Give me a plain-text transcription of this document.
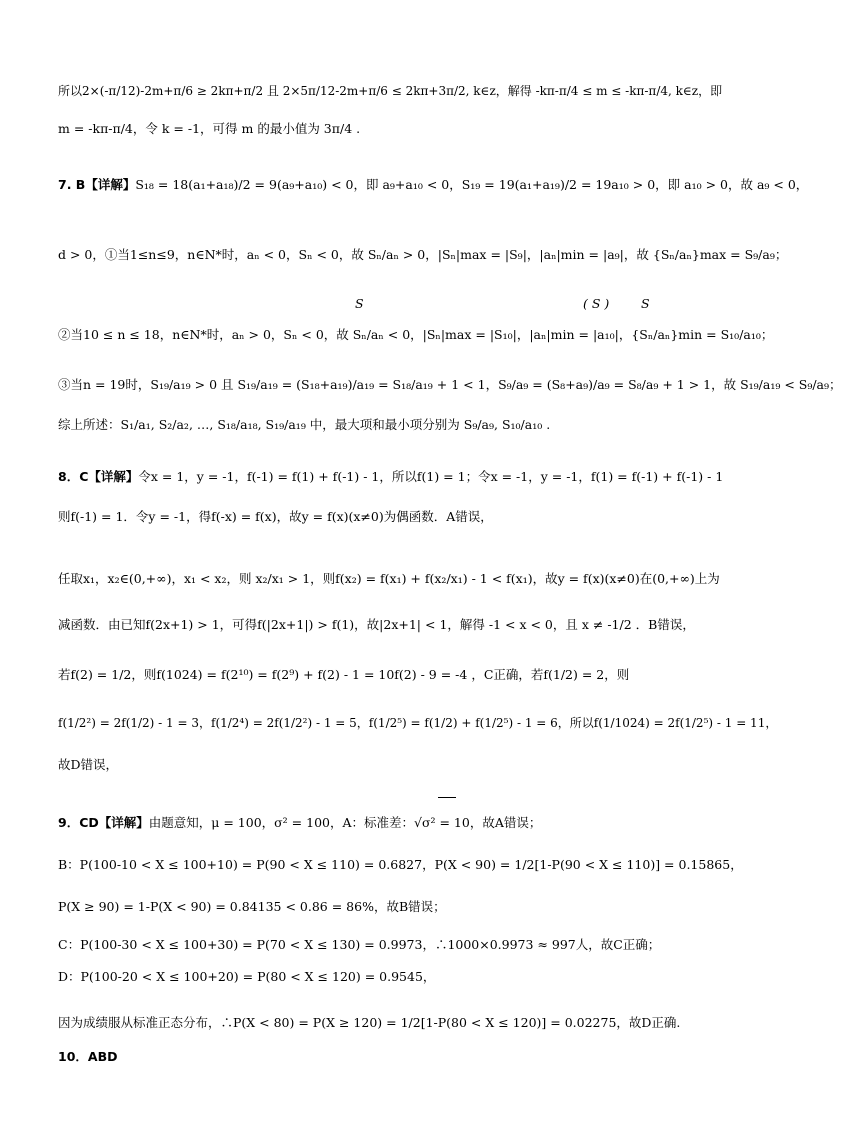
所以2×(-π/12)-2m+π/6 ≥ 2kπ+π/2 且 2×5π/12-2m+π/6 ≤ 2kπ+3π/2, k∈z，解得 -kπ-π/4 ≤ m ≤ -kπ-π/4, k∈z，即
m = -kπ-π/4，令 k = -1，可得 m 的最小值为 3π/4 .
7. B【详解】S₁₈ = 18(a₁+a₁₈)/2 = 9(a₉+a₁₀) < 0，即 a₉+a₁₀ < 0，S₁₉ = 19(a₁+a₁₉)/2 = 19a₁₀ > 0，即 a₁₀ > 0，故 a₉ < 0，
d > 0，①当1≤n≤9，n∈N*时，aₙ < 0，Sₙ < 0，故 Sₙ/aₙ > 0，|Sₙ|max = |S₉|，|aₙ|min = |a₉|，故 {Sₙ/aₙ}max = S₉/a₉；
S	( S )	S
②当10 ≤ n ≤ 18，n∈N*时，aₙ > 0，Sₙ < 0，故 Sₙ/aₙ < 0，|Sₙ|max = |S₁₀|，|aₙ|min = |a₁₀|，{Sₙ/aₙ}min = S₁₀/a₁₀；
③当n = 19时，S₁₉/a₁₉ > 0 且 S₁₉/a₁₉ = (S₁₈+a₁₉)/a₁₉ = S₁₈/a₁₉ + 1 < 1，S₉/a₉ = (S₈+a₉)/a₉ = S₈/a₉ + 1 > 1，故 S₁₉/a₁₉ < S₉/a₉；
综上所述：S₁/a₁, S₂/a₂, …, S₁₈/a₁₈, S₁₉/a₁₉ 中，最大项和最小项分别为 S₉/a₉, S₁₀/a₁₀ .
8．C【详解】令x = 1，y = -1，f(-1) = f(1) + f(-1) - 1，所以f(1) = 1；令x = -1，y = -1，f(1) = f(-1) + f(-1) - 1
则f(-1) = 1．令y = -1，得f(-x) = f(x)，故y = f(x)(x≠0)为偶函数．A错误，
任取x₁，x₂∈(0,+∞)，x₁ < x₂，则 x₂/x₁ > 1，则f(x₂) = f(x₁) + f(x₂/x₁) - 1 < f(x₁)，故y = f(x)(x≠0)在(0,+∞)上为
减函数．由已知f(2x+1) > 1，可得f(|2x+1|) > f(1)，故|2x+1| < 1，解得 -1 < x < 0，且 x ≠ -1/2 ．B错误，
若f(2) = 1/2，则f(1024) = f(2¹⁰) = f(2⁹) + f(2) - 1 = 10f(2) - 9 = -4 ，C正确，若f(1/2) = 2，则
f(1/2²) = 2f(1/2) - 1 = 3，f(1/2⁴) = 2f(1/2²) - 1 = 5，f(1/2⁵) = f(1/2) + f(1/2⁵) - 1 = 6，所以f(1/1024) = 2f(1/2⁵) - 1 = 11，
故D错误，
9．CD【详解】由题意知，μ = 100，σ² = 100，A：标准差：√σ² = 10，故A错误；
B：P(100-10 < X ≤ 100+10) = P(90 < X ≤ 110) = 0.6827，P(X < 90) = 1/2[1-P(90 < X ≤ 110)] = 0.15865，
P(X ≥ 90) = 1-P(X < 90) = 0.84135 < 0.86 = 86%，故B错误；
C：P(100-30 < X ≤ 100+30) = P(70 < X ≤ 130) = 0.9973，∴1000×0.9973 ≈ 997人，故C正确；
D：P(100-20 < X ≤ 100+20) = P(80 < X ≤ 120) = 0.9545，
因为成绩服从标准正态分布，∴P(X < 80) = P(X ≥ 120) = 1/2[1-P(80 < X ≤ 120)] = 0.02275，故D正确.
10．ABD
